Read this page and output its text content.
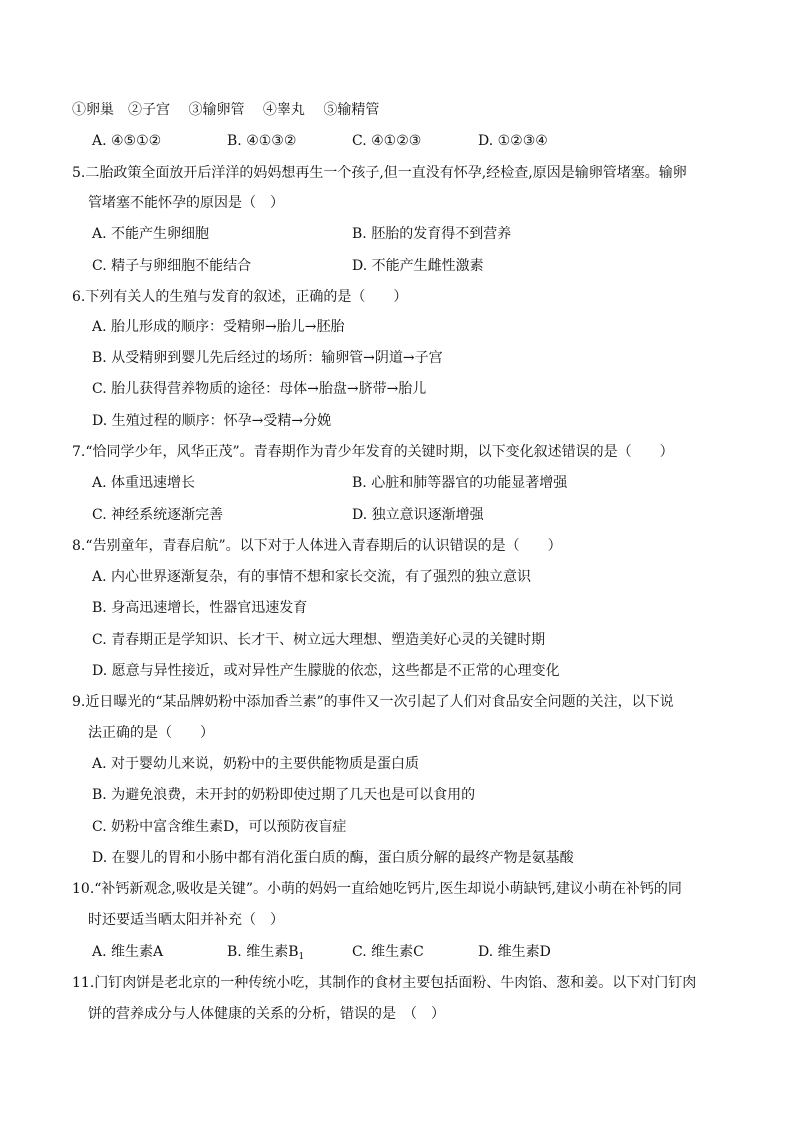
①卵巢　②子宫　 ③输卵管　 ④睾丸　 ⑤输精管
A. ④⑤①②	B. ④①③②	C. ④①②③	D. ①②③④
5.二胎政策全面放开后洋洋的妈妈想再生一个孩子,但一直没有怀孕,经检查,原因是输卵管堵塞。输卵
管堵塞不能怀孕的原因是（　）
A. 不能产生卵细胞	B. 胚胎的发育得不到营养
C. 精子与卵细胞不能结合	D. 不能产生雌性激素
6.下列有关人的生殖与发育的叙述，正确的是（　　）
A. 胎儿形成的顺序：受精卵→胎儿→胚胎
B. 从受精卵到婴儿先后经过的场所：输卵管→阴道→子宫
C. 胎儿获得营养物质的途径：母体→胎盘→脐带→胎儿
D. 生殖过程的顺序：怀孕→受精→分娩
7.“恰同学少年，风华正茂”。青春期作为青少年发育的关键时期，以下变化叙述错误的是（　　）
A. 体重迅速增长	B. 心脏和肺等器官的功能显著增强
C. 神经系统逐渐完善	D. 独立意识逐渐增强
8.“告别童年，青春启航”。以下对于人体进入青春期后的认识错误的是（　　）
A. 内心世界逐渐复杂，有的事情不想和家长交流，有了强烈的独立意识
B. 身高迅速增长，性器官迅速发育
C. 青春期正是学知识、长才干、树立远大理想、塑造美好心灵的关键时期
D. 愿意与异性接近，或对异性产生朦胧的依恋，这些都是不正常的心理变化
9.近日曝光的“某品牌奶粉中添加香兰素”的事件又一次引起了人们对食品安全问题的关注，以下说
法正确的是（　　）
A. 对于婴幼儿来说，奶粉中的主要供能物质是蛋白质
B. 为避免浪费，未开封的奶粉即使过期了几天也是可以食用的
C. 奶粉中富含维生素D，可以预防夜盲症
D. 在婴儿的胃和小肠中都有消化蛋白质的酶，蛋白质分解的最终产物是氨基酸
10.“补钙新观念,吸收是关键”。小萌的妈妈一直给她吃钙片,医生却说小萌缺钙,建议小萌在补钙的同
时还要适当晒太阳并补充（　）
A. 维生素A	B. 维生素$B_1$	C. 维生素C	D. 维生素D
11.门钉肉饼是老北京的一种传统小吃，其制作的食材主要包括面粉、牛肉馅、葱和姜。以下对门钉肉
饼的营养成分与人体健康的关系的分析，错误的是　（　）
